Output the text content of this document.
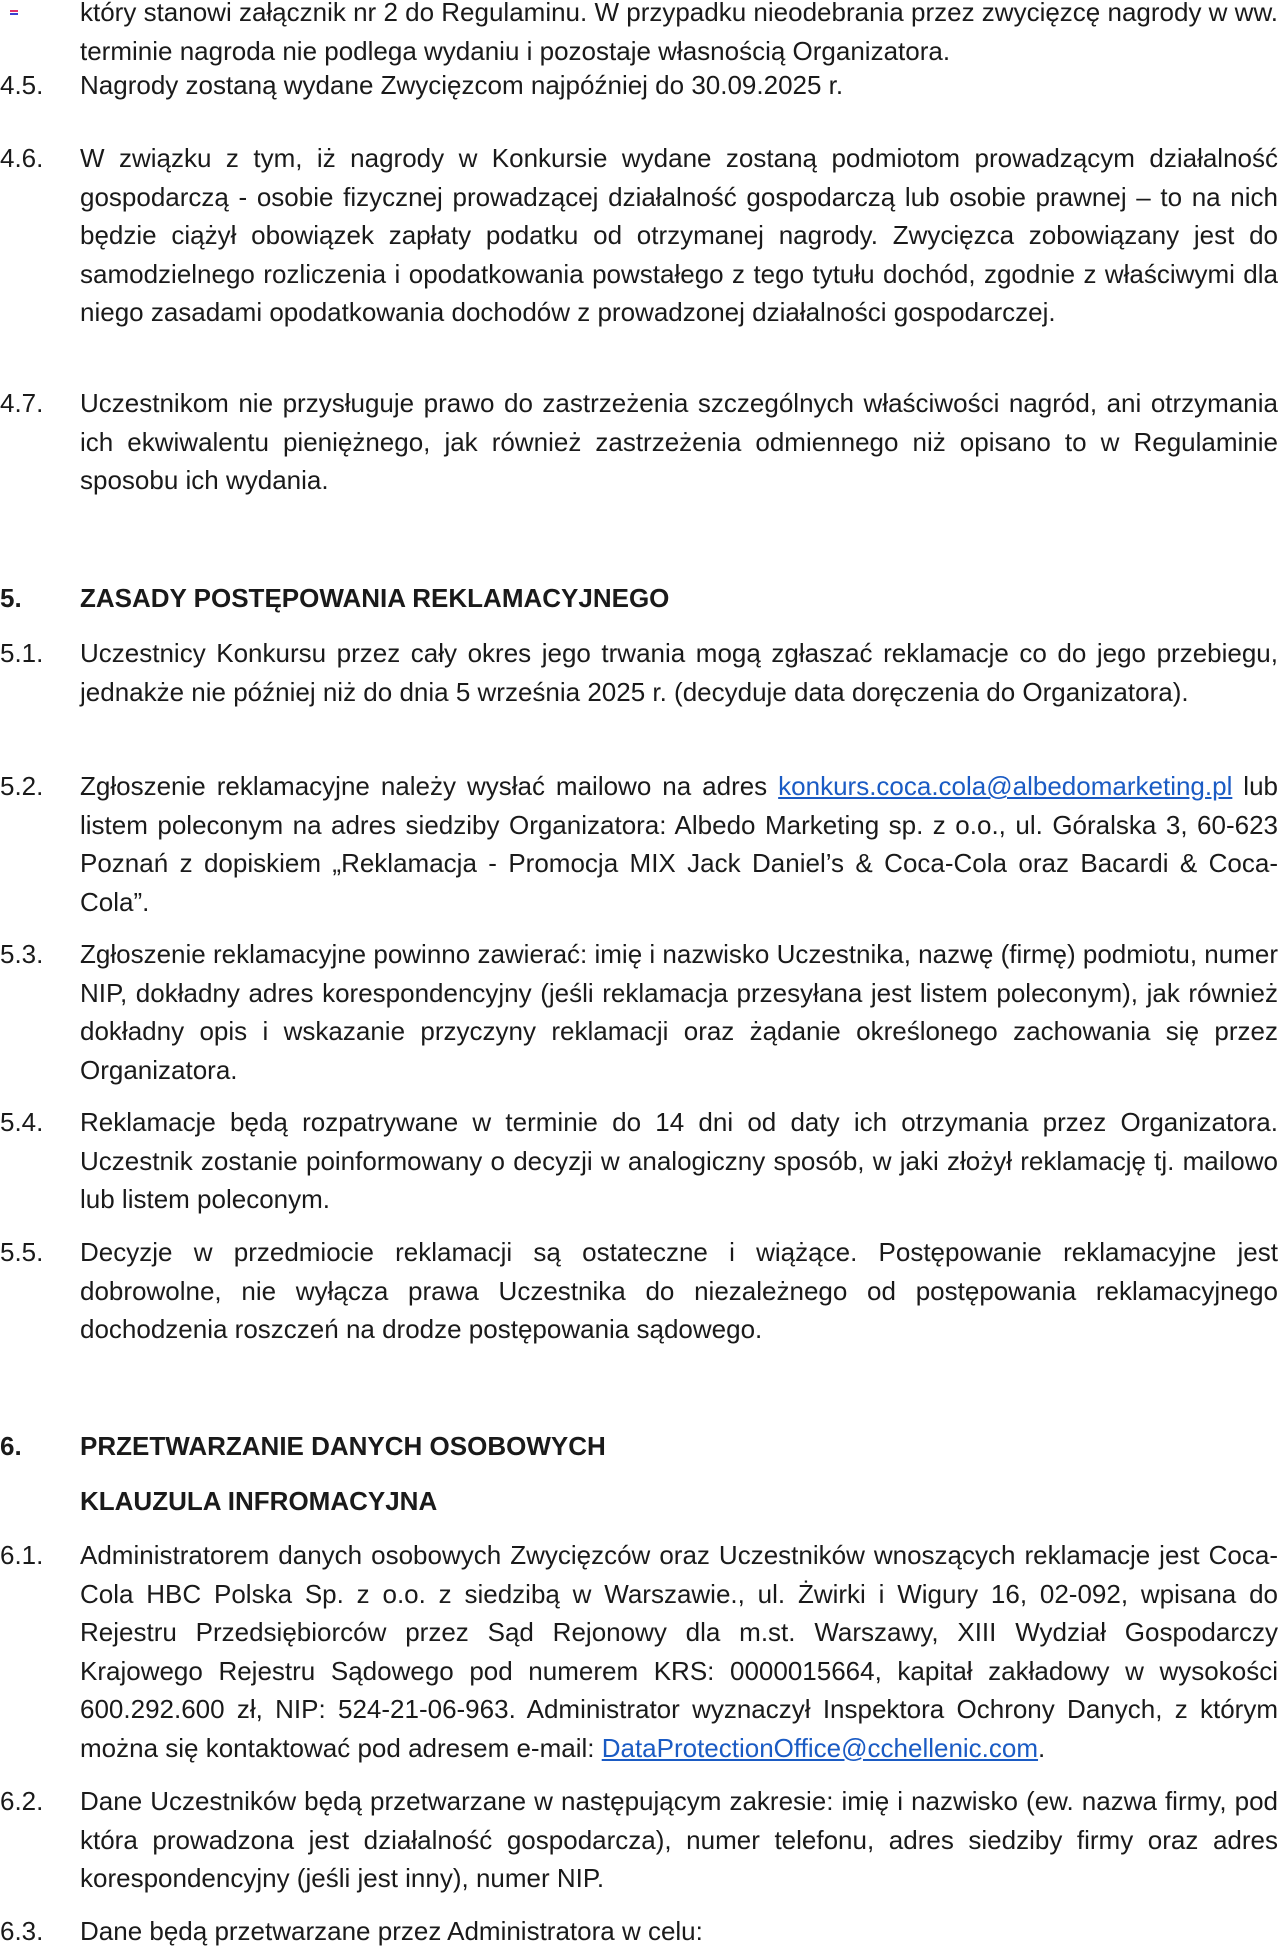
który stanowi załącznik nr 2 do Regulaminu. W przypadku nieodebrania przez zwycięzcę nagrody w ww. terminie nagroda nie podlega wydaniu i pozostaje własnością Organizatora.
4.5.	Nagrody zostaną wydane Zwycięzcom najpóźniej do 30.09.2025 r.
4.6.	W związku z tym, iż nagrody w Konkursie wydane zostaną podmiotom prowadzącym działalność gospodarczą - osobie fizycznej prowadzącej działalność gospodarczą lub osobie prawnej – to na nich będzie ciążył obowiązek zapłaty podatku od otrzymanej nagrody. Zwycięzca zobowiązany jest do samodzielnego rozliczenia i opodatkowania powstałego z tego tytułu dochód, zgodnie z właściwymi dla niego zasadami opodatkowania dochodów z prowadzonej działalności gospodarczej.
4.7.	Uczestnikom nie przysługuje prawo do zastrzeżenia szczególnych właściwości nagród, ani otrzymania ich ekwiwalentu pieniężnego, jak również zastrzeżenia odmiennego niż opisano to w Regulaminie sposobu ich wydania.
5. ZASADY POSTĘPOWANIA REKLAMACYJNEGO
5.1.	Uczestnicy Konkursu przez cały okres jego trwania mogą zgłaszać reklamacje co do jego przebiegu, jednakże nie później niż do dnia 5 września 2025 r. (decyduje data doręczenia do Organizatora).
5.2.	Zgłoszenie reklamacyjne należy wysłać mailowo na adres konkurs.coca.cola@albedomarketing.pl lub listem poleconym na adres siedziby Organizatora: Albedo Marketing sp. z o.o., ul. Góralska 3, 60-623 Poznań z dopiskiem „Reklamacja - Promocja MIX Jack Daniel’s & Coca-Cola oraz Bacardi & Coca-Cola”.
5.3.	Zgłoszenie reklamacyjne powinno zawierać: imię i nazwisko Uczestnika, nazwę (firmę) podmiotu, numer NIP, dokładny adres korespondencyjny (jeśli reklamacja przesyłana jest listem poleconym), jak również dokładny opis i wskazanie przyczyny reklamacji oraz żądanie określonego zachowania się przez Organizatora.
5.4.	Reklamacje będą rozpatrywane w terminie do 14 dni od daty ich otrzymania przez Organizatora. Uczestnik zostanie poinformowany o decyzji w analogiczny sposób, w jaki złożył reklamację tj. mailowo lub listem poleconym.
5.5.	Decyzje w przedmiocie reklamacji są ostateczne i wiążące. Postępowanie reklamacyjne jest dobrowolne, nie wyłącza prawa Uczestnika do niezależnego od postępowania reklamacyjnego dochodzenia roszczeń na drodze postępowania sądowego.
6. PRZETWARZANIE DANYCH OSOBOWYCH
KLAUZULA INFROMACYJNA
6.1.	Administratorem danych osobowych Zwycięzców oraz Uczestników wnoszących reklamacje jest Coca-Cola HBC Polska Sp. z o.o. z siedzibą w Warszawie., ul. Żwirki i Wigury 16, 02-092, wpisana do Rejestru Przedsiębiorców przez Sąd Rejonowy dla m.st. Warszawy, XIII Wydział Gospodarczy Krajowego Rejestru Sądowego pod numerem KRS: 0000015664, kapitał zakładowy w wysokości 600.292.600 zł, NIP: 524-21-06-963. Administrator wyznaczył Inspektora Ochrony Danych, z którym można się kontaktować pod adresem e-mail: DataProtectionOffice@cchellenic.com.
6.2.	Dane Uczestników będą przetwarzane w następującym zakresie: imię i nazwisko (ew. nazwa firmy, pod która prowadzona jest działalność gospodarcza), numer telefonu, adres siedziby firmy oraz adres korespondencyjny (jeśli jest inny), numer NIP.
6.3.	Dane będą przetwarzane przez Administratora w celu:
